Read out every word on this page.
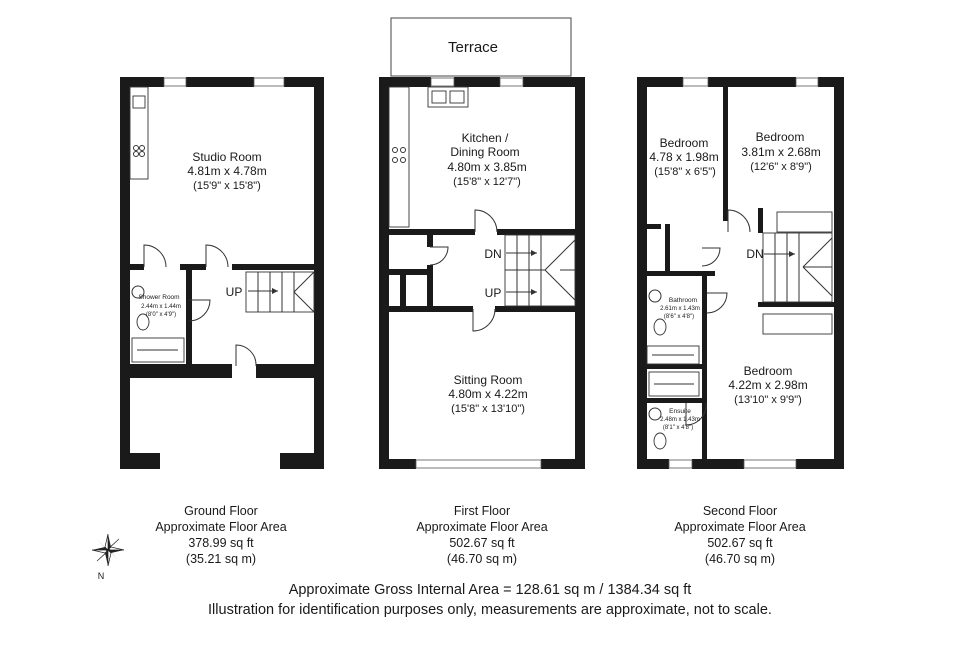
Terrace
Studio Room
4.81m x 4.78m
(15'9" x 15'8")
Shower Room
2.44m x 1.44m
(8'0" x 4'9")
UP
Kitchen /
Dining Room
4.80m x 3.85m
(15'8" x 12'7")
DN
UP
Sitting Room
4.80m x 4.22m
(15'8" x 13'10")
Bedroom
4.78 x 1.98m
(15'8" x 6'5")
Bedroom
3.81m x 2.68m
(12'6" x 8'9")
DN
Bathroom
2.61m x 1.43m
(8'6" x 4'8")
Bedroom
4.22m x 2.98m
(13'10" x 9'9")
Ensuite
2.48m x 1.43m
(8'1" x 4'8")
Ground Floor
Approximate Floor Area
378.99 sq ft
(35.21 sq m)
First Floor
Approximate Floor Area
502.67 sq ft
(46.70 sq m)
Second Floor
Approximate Floor Area
502.67 sq ft
(46.70 sq m)
N
Approximate Gross Internal Area = 128.61 sq m / 1384.34 sq ft
Illustration for identification purposes only, measurements are approximate, not to scale.
